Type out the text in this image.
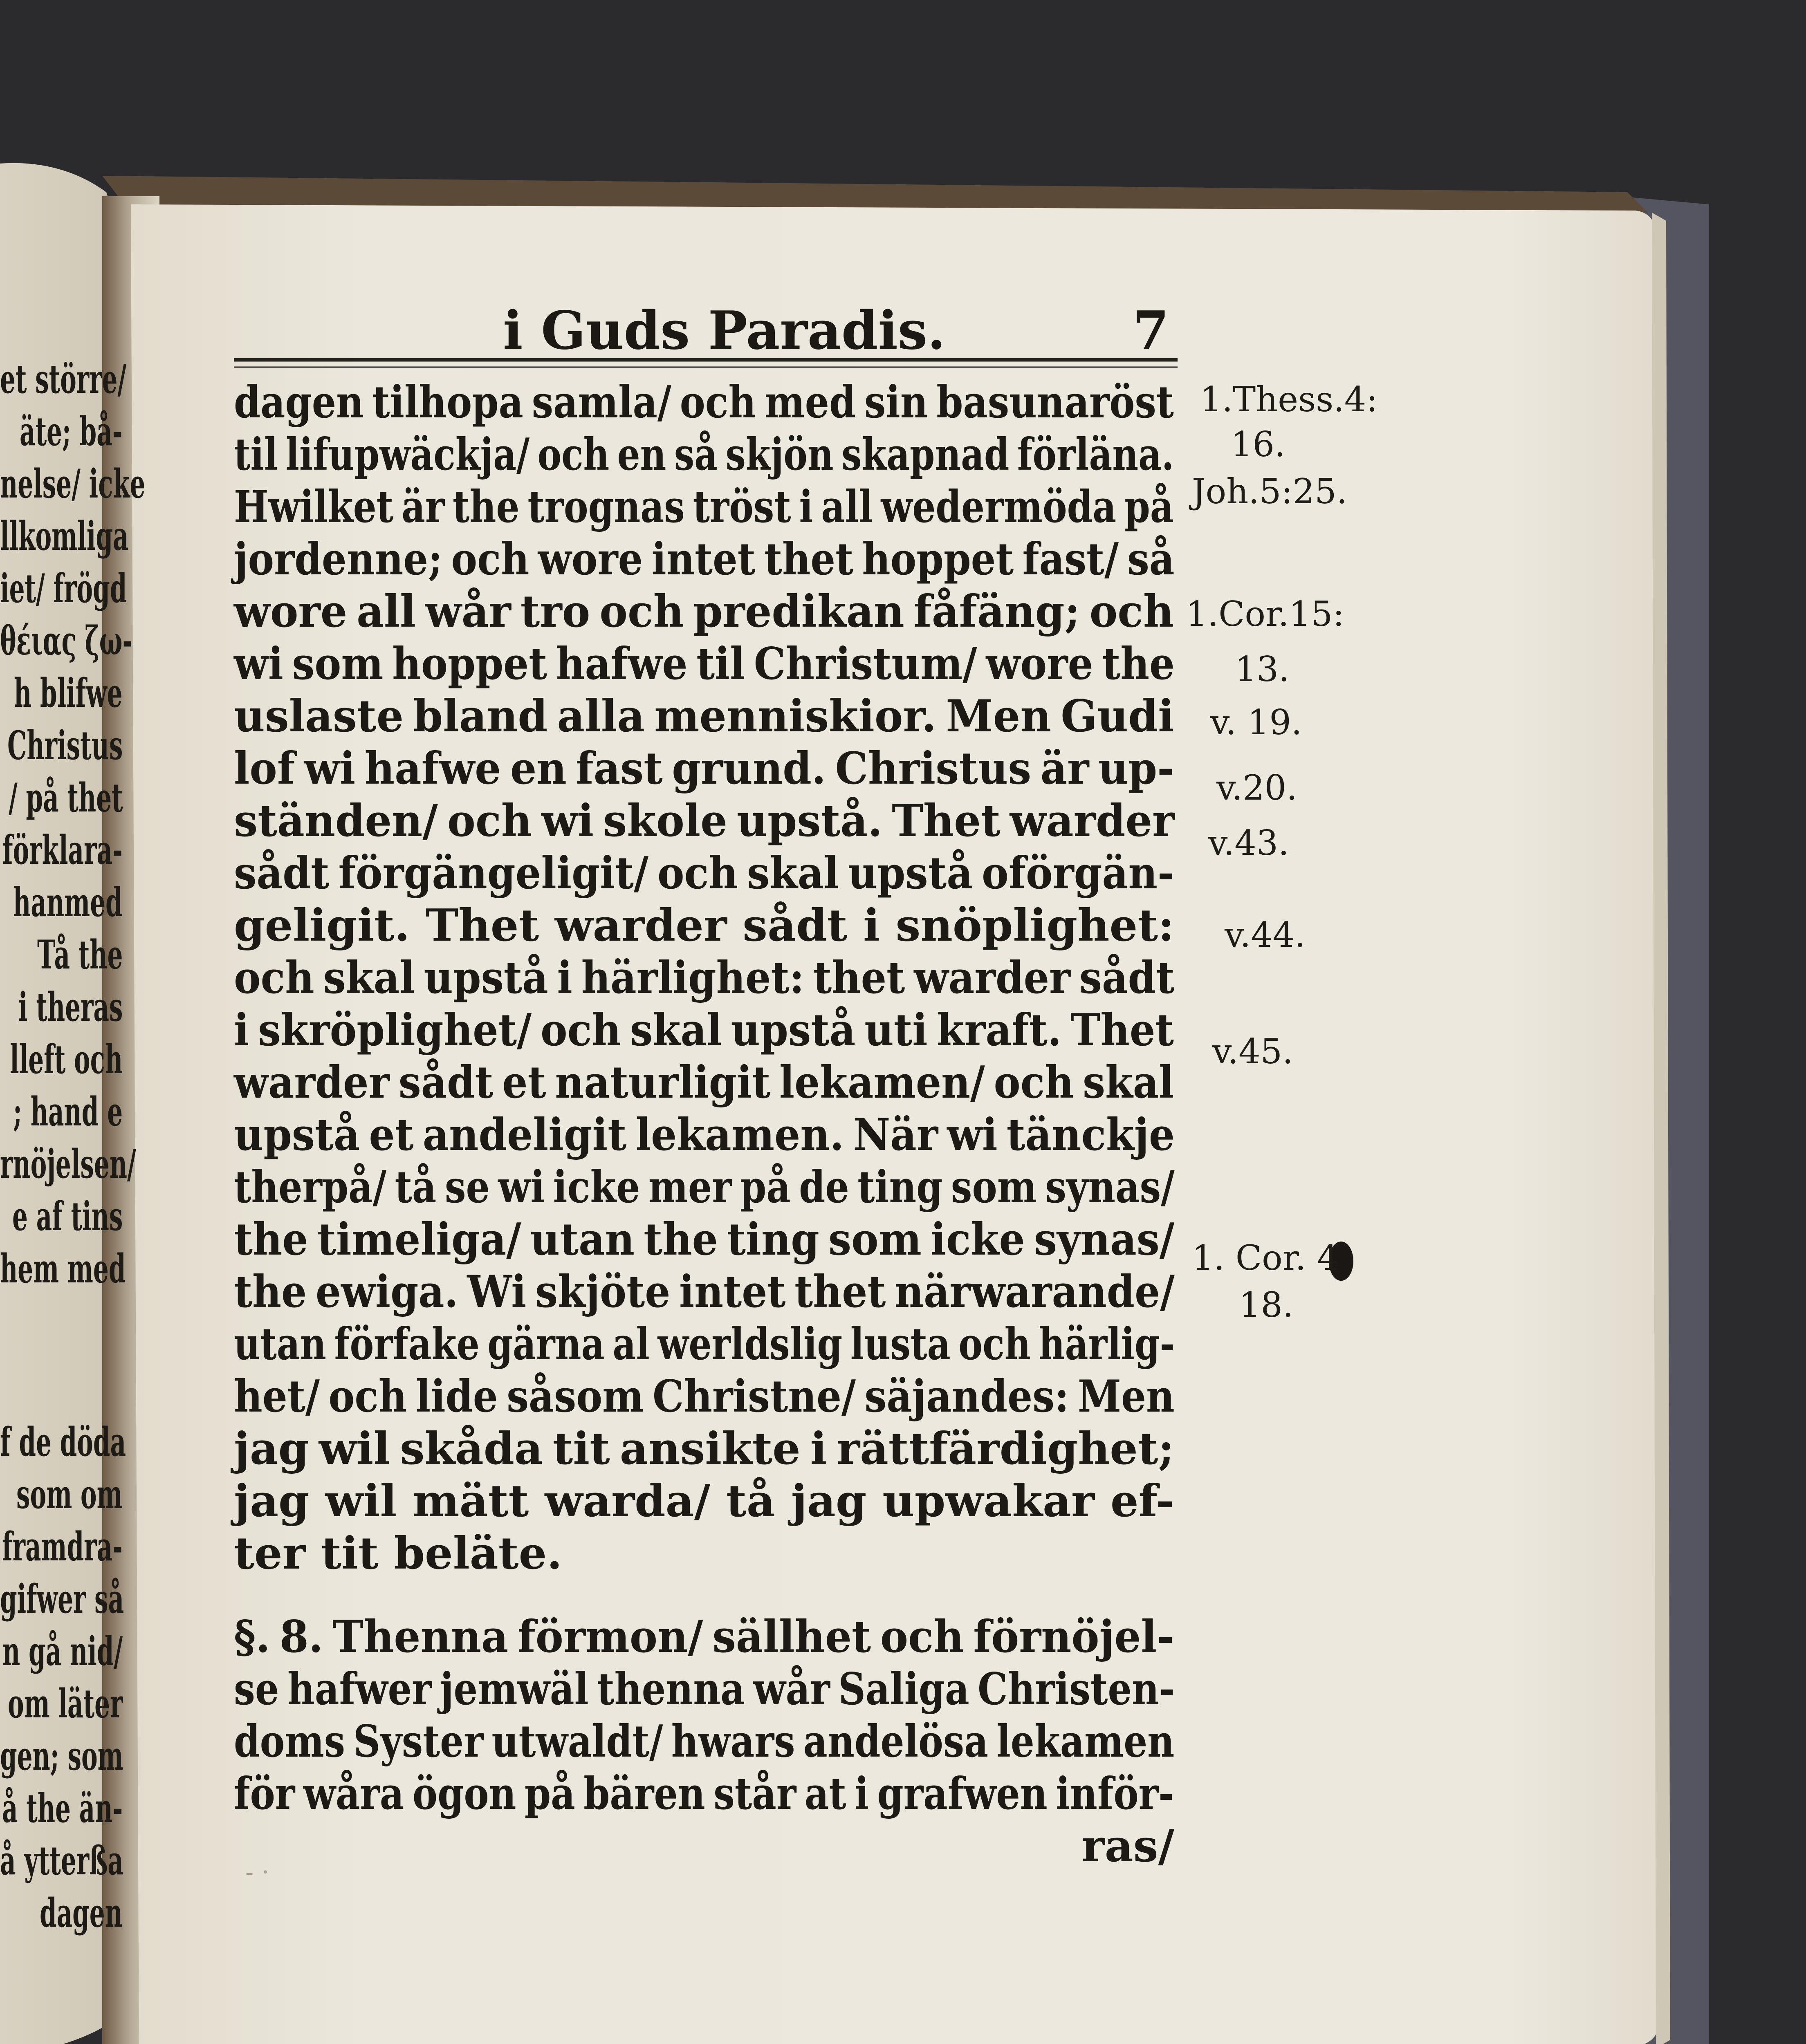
- ·
et större/
äte; bå-
nelse/ icke
llkomliga
iet/ frögd
θέιας ζω-
h blifwe
Christus
/ på thet
förklara-
hanmed
Tå the
i theras
lleft och
; hand e
rnöjelsen/
e af tins
hem med
f de döda
som om
framdra-
gifwer så
n gå nid/
om läter
gen; som
å the än-
å ytterßa
dagen
i Guds Paradis.	7
dagen tilhopa samla/ och med sin basunaröst
til lifupwäckja/ och en så skjön skapnad förläna.
Hwilket är the trognas tröst i all wedermöda på
jordenne; och wore intet thet hoppet fast/ så
wore all wår tro och predikan fåfäng; och
wi som hoppet hafwe til Christum/ wore the
uslaste bland alla menniskior. Men Gudi
lof wi hafwe en fast grund. Christus är up-
ständen/ och wi skole upstå. Thet warder
sådt förgängeligit/ och skal upstå oförgän-
geligit. Thet warder sådt i snöplighet:
och skal upstå i härlighet: thet warder sådt
i skröplighet/ och skal upstå uti kraft. Thet
warder sådt et naturligit lekamen/ och skal
upstå et andeligit lekamen. När wi tänckje
therpå/ tå se wi icke mer på de ting som synas/
the timeliga/ utan the ting som icke synas/
the ewiga. Wi skjöte intet thet närwarande/
utan förfake gärna al werldslig lusta och härlig-
het/ och lide såsom Christne/ säjandes: Men
jag wil skåda tit ansikte i rättfärdighet;
jag wil mätt warda/ tå jag upwakar ef-
ter tit beläte.
§. 8. Thenna förmon/ sällhet och förnöjel-
se hafwer jemwäl thenna wår Saliga Christen-
doms Syster utwaldt/ hwars andelösa lekamen
för wåra ögon på bären står at i grafwen inför-
ras/
1.Thess.4:
16.
Joh.5:25.
1.Cor.15:
13.
v. 19.
v.20.
v.43.
v.44.
v.45.
1. Cor. 4
18.
